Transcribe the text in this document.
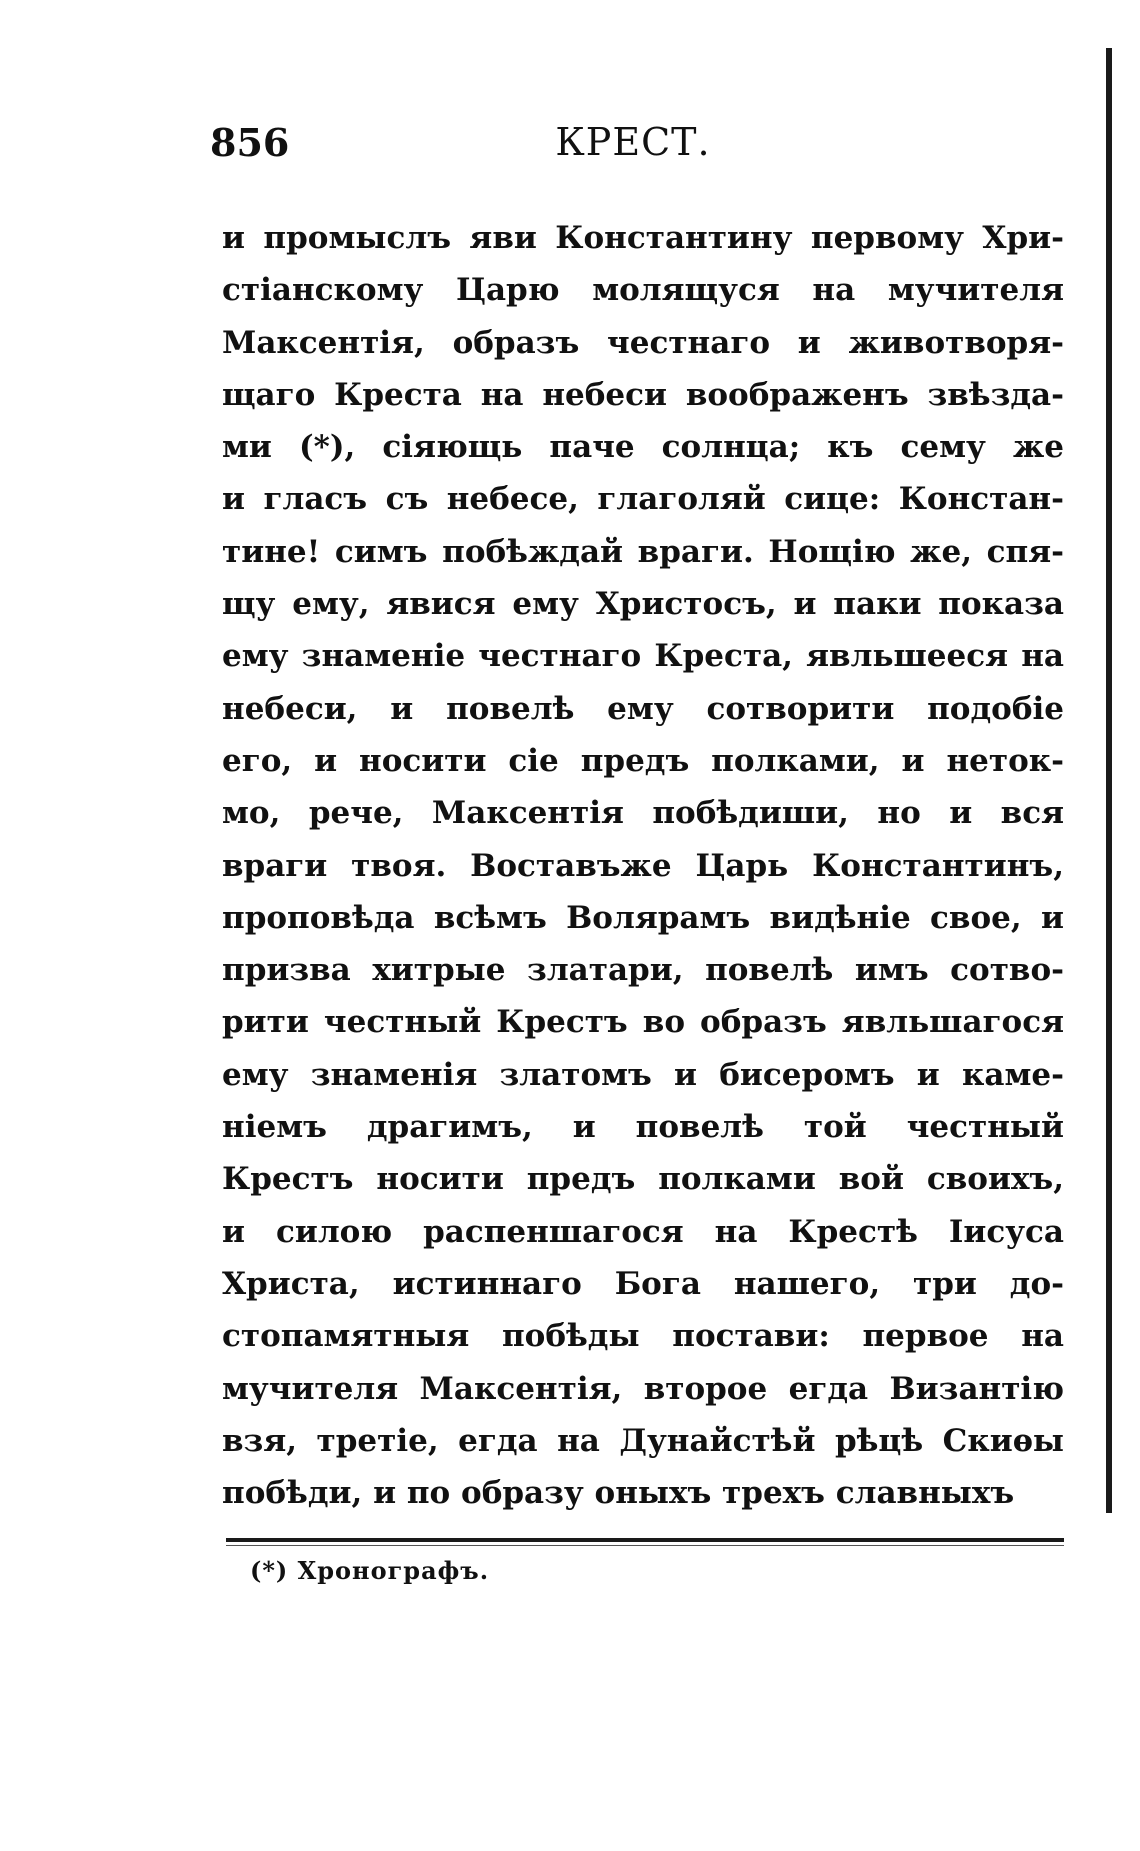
856	КРЕСТ.
и промыслъ яви Константину первому Хри-
стіанскому Царю молящуся на мучителя
Максентія, образъ честнаго и животворя-
щаго Креста на небеси воображенъ звѣзда-
ми (*), сіяющь паче солнца; къ сему же
и гласъ съ небесе, глаголяй сице: Констан-
тине! симъ побѣждай враги. Нощію же, спя-
щу ему, явися ему Христосъ, и паки показа
ему знаменіе честнаго Креста, явльшееся на
небеси, и повелѣ ему сотворити подобіе
его, и носити сіе предъ полками, и неток-
мо, рече, Максентія побѣдиши, но и вся
враги твоя. Воставъже Царь Константинъ,
проповѣда всѣмъ Волярамъ видѣніе свое, и
призва хитрые златари, повелѣ имъ сотво-
рити честный Крестъ во образъ явльшагося
ему знаменія златомъ и бисеромъ и каме-
ніемъ драгимъ, и повелѣ той честный
Крестъ носити предъ полками вой своихъ,
и силою распеншагося на Крестѣ Іисуса
Христа, истиннаго Бога нашего, три до-
стопамятныя побѣды постави: первое на
мучителя Максентія, второе егда Византію
взя, третіе, егда на Дунайстѣй рѣцѣ Скиѳы
побѣди, и по образу оныхъ трехъ славныхъ
(*) Хронографъ.
